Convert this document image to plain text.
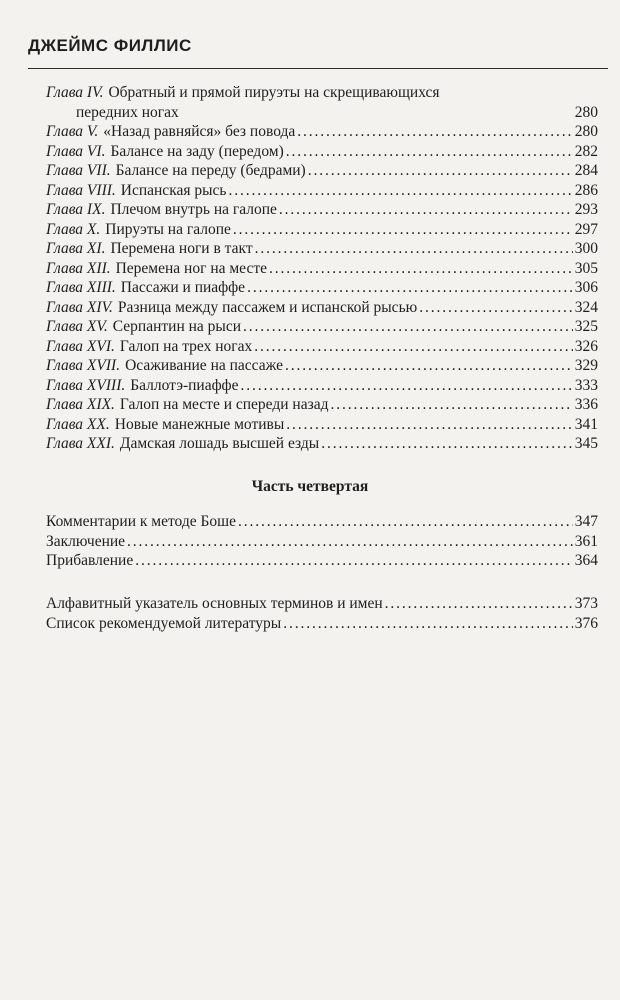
ДЖЕЙМС ФИЛЛИС
Глава IV. Обратный и прямой пируэты на скрещивающихся
передних ногах	280
Глава V. «Назад равняйся» без повода . . .	280
Глава VI. Балансе на заду (передом) . . .	282
Глава VII. Балансе на переду (бедрами) . . .	284
Глава VIII. Испанская рысь . . .	286
Глава IX. Плечом внутрь на галопе . . .	293
Глава X. Пируэты на галопе . . .	297
Глава XI. Перемена ноги в такт . . .	300
Глава XII. Перемена ног на месте . . .	305
Глава XIII. Пассажи и пиаффе . . .	306
Глава XIV. Разница между пассажем и испанской рысью . . .	324
Глава XV. Серпантин на рыси . . .	325
Глава XVI. Галоп на трех ногах . . .	326
Глава XVII. Осаживание на пассаже . . .	329
Глава XVIII. Баллотэ-пиаффе . . .	333
Глава XIX. Галоп на месте и спереди назад . . .	336
Глава XX. Новые манежные мотивы . . .	341
Глава XXI. Дамская лошадь высшей езды . . .	345
Часть четвертая
Комментарии к методе Боше . . .	347
Заключение . . .	361
Прибавление . . .	364
Алфавитный указатель основных терминов и имен . . .	373
Список рекомендуемой литературы . . .	376
